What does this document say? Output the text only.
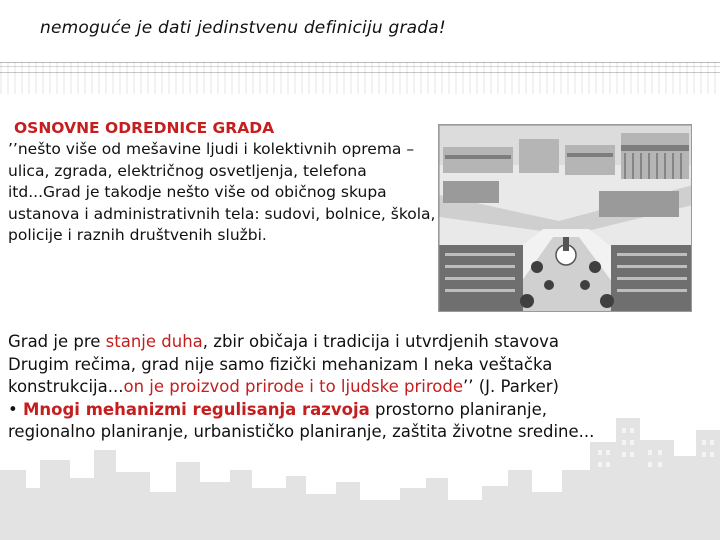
nemoguće je dati jedinstvenu definiciju grada!
OSNOVNE ODREDNICE GRADA
’’nešto više od mešavine ljudi i kolektivnih oprema – ulica, zgrada, električnog osvetljenja, telefona itd...Grad je takodje nešto više od običnog skupa ustanova i administrativnih tela: sudovi, bolnice, škola, policije i raznih društvenih službi.
Grad je pre stanje duha, zbir običaja i tradicija i utvrdjenih stavova Drugim rečima, grad nije samo fizički mehanizam I neka veštačka konstrukcija...on je proizvod prirode i to ljudske prirode’’ (J. Parker)
• Mnogi mehanizmi regulisanja razvoja prostorno planiranje, regionalno planiranje, urbanističko planiranje, zaštita životne sredine...
